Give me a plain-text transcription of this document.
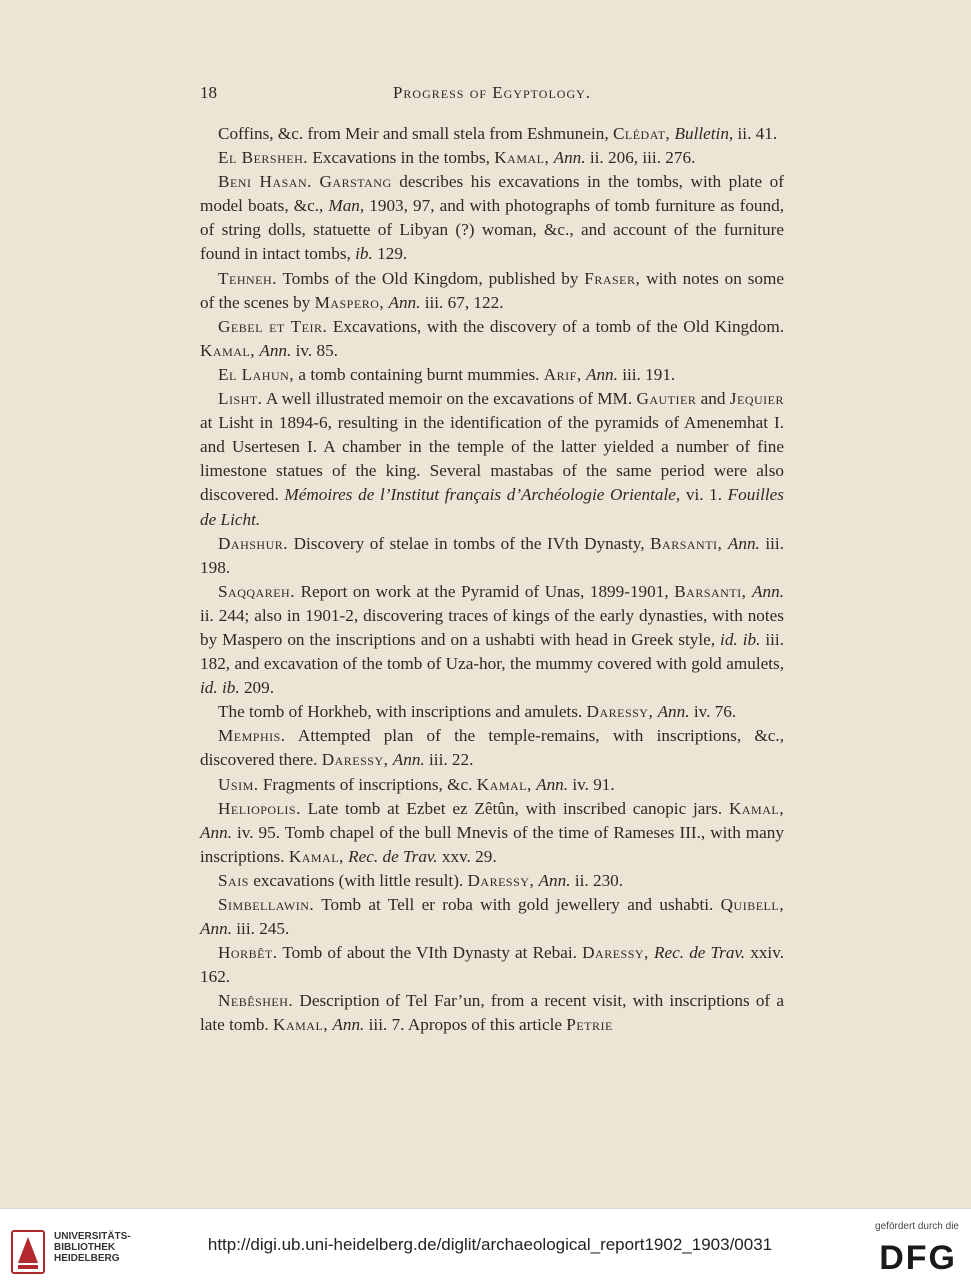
18	Progress of Egyptology.

Coffins, &c. from Meir and small stela from Eshmunein, Clédat, Bulletin, ii. 41.

El Bersheh. Excavations in the tombs, Kamal, Ann. ii. 206, iii. 276.

Beni Hasan. Garstang describes his excavations in the tombs, with plate of model boats, &c., Man, 1903, 97, and with photographs of tomb furniture as found, of string dolls, statuette of Libyan (?) woman, &c., and account of the furniture found in intact tombs, ib. 129.

Tehneh. Tombs of the Old Kingdom, published by Fraser, with notes on some of the scenes by Maspero, Ann. iii. 67, 122.

Gebel et Teir. Excavations, with the discovery of a tomb of the Old Kingdom. Kamal, Ann. iv. 85.

El Lahun, a tomb containing burnt mummies. Arif, Ann. iii. 191.

Lisht. A well illustrated memoir on the excavations of MM. Gautier and Jequier at Lisht in 1894-6, resulting in the identification of the pyramids of Amenemhat I. and Usertesen I. A chamber in the temple of the latter yielded a number of fine limestone statues of the king. Several mastabas of the same period were also discovered. Mémoires de l’Institut français d’Archéologie Orientale, vi. 1. Fouilles de Licht.

Dahshur. Discovery of stelae in tombs of the IVth Dynasty, Barsanti, Ann. iii. 198.

Saqqareh. Report on work at the Pyramid of Unas, 1899-1901, Barsanti, Ann. ii. 244; also in 1901-2, discovering traces of kings of the early dynasties, with notes by Maspero on the inscriptions and on a ushabti with head in Greek style, id. ib. iii. 182, and excavation of the tomb of Uza-hor, the mummy covered with gold amulets, id. ib. 209.

The tomb of Horkheb, with inscriptions and amulets. Daressy, Ann. iv. 76.

Memphis. Attempted plan of the temple-remains, with inscriptions, &c., discovered there. Daressy, Ann. iii. 22.

Usim. Fragments of inscriptions, &c. Kamal, Ann. iv. 91.

Heliopolis. Late tomb at Ezbet ez Zêtûn, with inscribed canopic jars. Kamal, Ann. iv. 95. Tomb chapel of the bull Mnevis of the time of Rameses III., with many inscriptions. Kamal, Rec. de Trav. xxv. 29.

Sais excavations (with little result). Daressy, Ann. ii. 230.

Simbellawin. Tomb at Tell er roba with gold jewellery and ushabti. Quibell, Ann. iii. 245.

Horbêt. Tomb of about the VIth Dynasty at Rebai. Daressy, Rec. de Trav. xxiv. 162.

Nebêsheh. Description of Tel Far’un, from a recent visit, with inscriptions of a late tomb. Kamal, Ann. iii. 7. Apropos of this article Petrie

UNIVERSITÄTS-
BIBLIOTHEK
HEIDELBERG
http://digi.ub.uni-heidelberg.de/diglit/archaeological_report1902_1903/0031
gefördert durch die
DFG
